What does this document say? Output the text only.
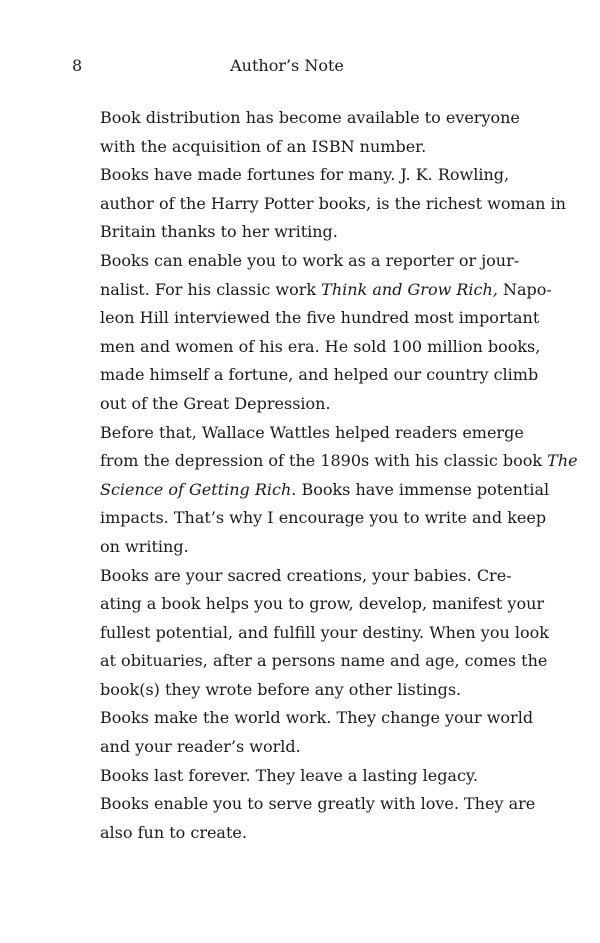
8	Author’s Note
Book distribution has become available to everyone
with the acquisition of an ISBN number.
Books have made fortunes for many. J. K. Rowling,
author of the Harry Potter books, is the richest woman in
Britain thanks to her writing.
Books can enable you to work as a reporter or jour-
nalist. For his classic work Think and Grow Rich, Napo-
leon Hill interviewed the five hundred most important
men and women of his era. He sold 100 million books,
made himself a fortune, and helped our country climb
out of the Great Depression.
Before that, Wallace Wattles helped readers emerge
from the depression of the 1890s with his classic book The
Science of Getting Rich. Books have immense potential
impacts. That’s why I encourage you to write and keep
on writing.
Books are your sacred creations, your babies. Cre-
ating a book helps you to grow, develop, manifest your
fullest potential, and fulfill your destiny. When you look
at obituaries, after a persons name and age, comes the
book(s) they wrote before any other listings.
Books make the world work. They change your world
and your reader’s world.
Books last forever. They leave a lasting legacy.
Books enable you to serve greatly with love. They are
also fun to create.
